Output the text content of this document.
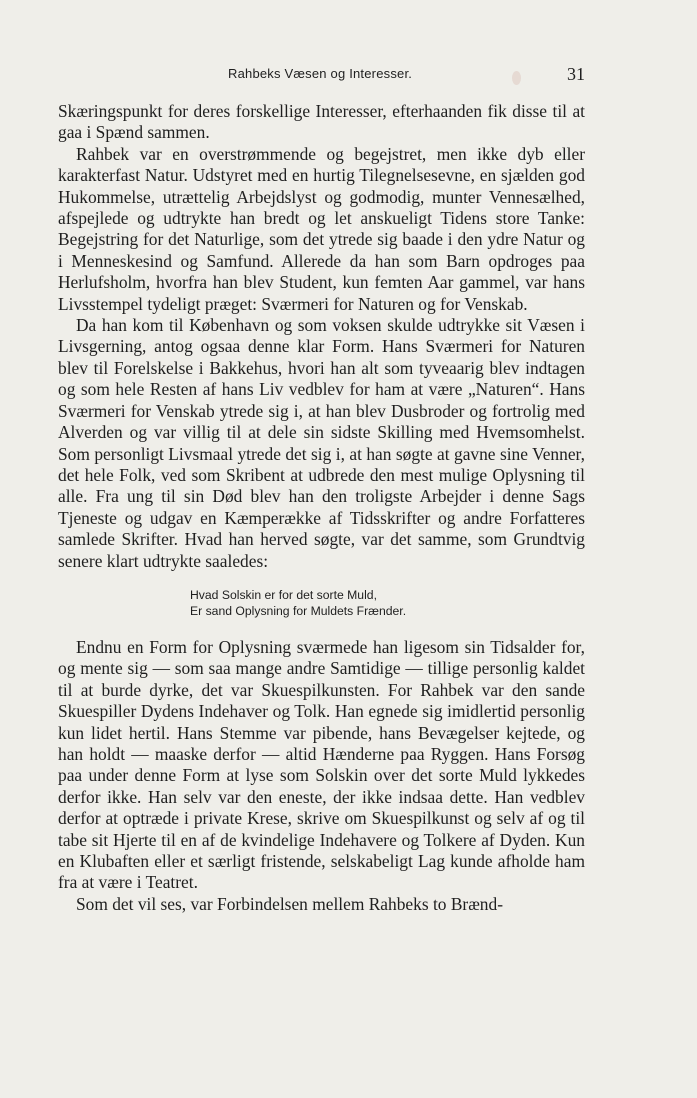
Rahbeks Væsen og Interesser.	31

Skæringspunkt for deres forskellige Interesser, efterhaanden fik disse til at gaa i Spænd sammen.

Rahbek var en overstrømmende og begejstret, men ikke dyb eller karakterfast Natur. Udstyret med en hurtig Tilegnelsesevne, en sjælden god Hukommelse, utrættelig Arbejdslyst og godmodig, munter Vennesælhed, afspejlede og udtrykte han bredt og let anskueligt Tidens store Tanke: Begejstring for det Naturlige, som det ytrede sig baade i den ydre Natur og i Menneskesind og Samfund. Allerede da han som Barn opdroges paa Herlufsholm, hvorfra han blev Student, kun femten Aar gammel, var hans Livsstempel tydeligt præget: Sværmeri for Naturen og for Venskab.

Da han kom til København og som voksen skulde udtrykke sit Væsen i Livsgerning, antog ogsaa denne klar Form. Hans Sværmeri for Naturen blev til Forelskelse i Bakkehus, hvori han alt som tyveaarig blev indtagen og som hele Resten af hans Liv vedblev for ham at være „Naturen“. Hans Sværmeri for Venskab ytrede sig i, at han blev Dusbroder og fortrolig med Alverden og var villig til at dele sin sidste Skilling med Hvemsomhelst. Som personligt Livsmaal ytrede det sig i, at han søgte at gavne sine Venner, det hele Folk, ved som Skribent at udbrede den mest mulige Oplysning til alle. Fra ung til sin Død blev han den troligste Arbejder i denne Sags Tjeneste og udgav en Kæmperække af Tidsskrifter og andre Forfatteres samlede Skrifter. Hvad han herved søgte, var det samme, som Grundtvig senere klart udtrykte saaledes:

Hvad Solskin er for det sorte Muld,
Er sand Oplysning for Muldets Frænder.

Endnu en Form for Oplysning sværmede han ligesom sin Tidsalder for, og mente sig — som saa mange andre Samtidige — tillige personlig kaldet til at burde dyrke, det var Skuespilkunsten. For Rahbek var den sande Skuespiller Dydens Indehaver og Tolk. Han egnede sig imidlertid personlig kun lidet hertil. Hans Stemme var pibende, hans Bevægelser kejtede, og han holdt — maaske derfor — altid Hænderne paa Ryggen. Hans Forsøg paa under denne Form at lyse som Solskin over det sorte Muld lykkedes derfor ikke. Han selv var den eneste, der ikke indsaa dette. Han vedblev derfor at optræde i private Krese, skrive om Skuespilkunst og selv af og til tabe sit Hjerte til en af de kvindelige Indehavere og Tolkere af Dyden. Kun en Klubaften eller et særligt fristende, selskabeligt Lag kunde afholde ham fra at være i Teatret.

Som det vil ses, var Forbindelsen mellem Rahbeks to Brænd-
